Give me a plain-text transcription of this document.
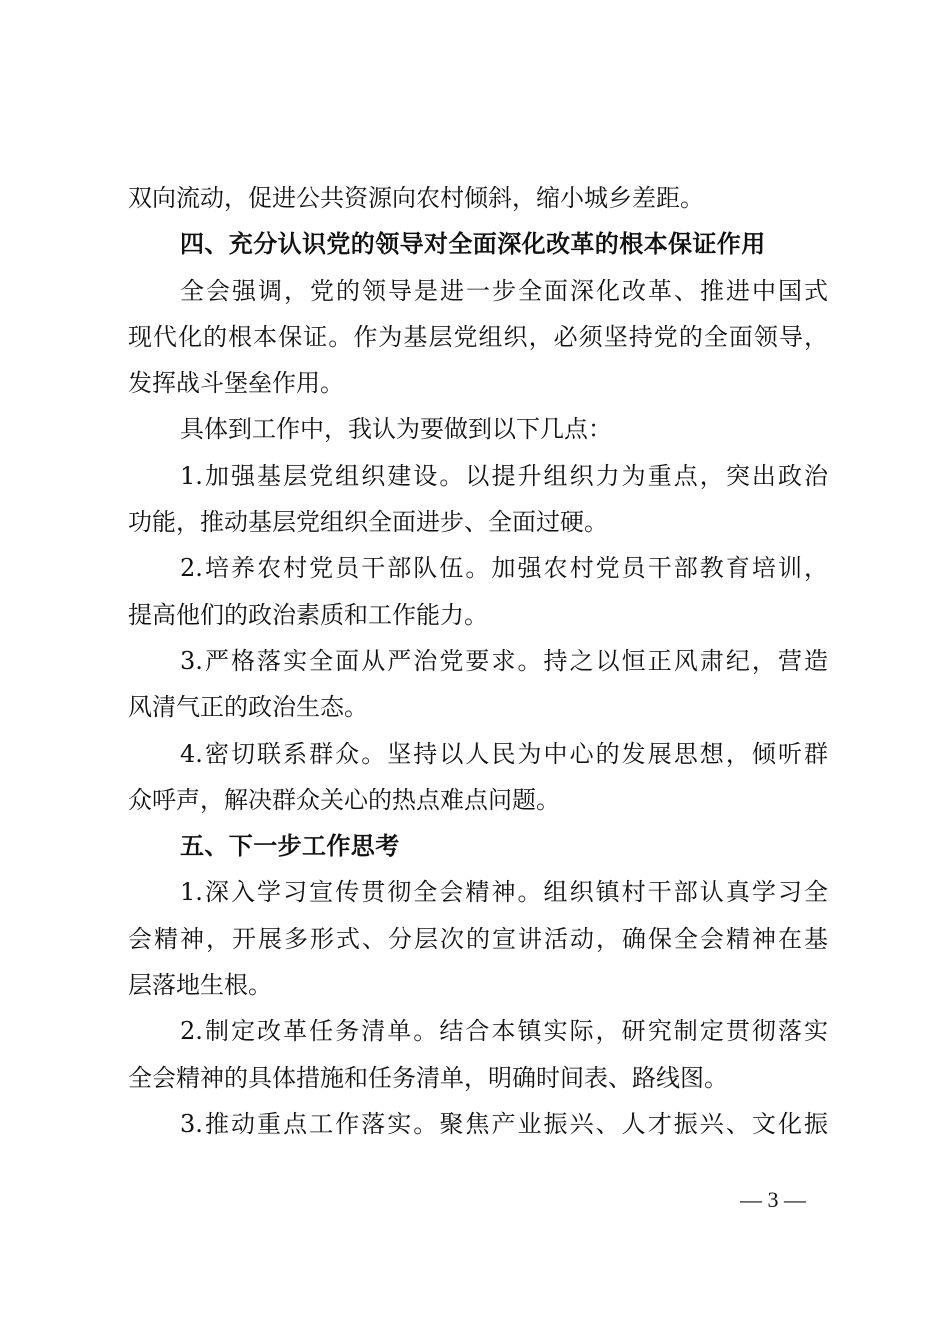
双向流动，促进公共资源向农村倾斜，缩小城乡差距。
四、充分认识党的领导对全面深化改革的根本保证作用
全会强调，党的领导是进一步全面深化改革、推进中国式
现代化的根本保证。作为基层党组织，必须坚持党的全面领导，
发挥战斗堡垒作用。
具体到工作中，我认为要做到以下几点：
1.加强基层党组织建设。以提升组织力为重点，突出政治
功能，推动基层党组织全面进步、全面过硬。
2.培养农村党员干部队伍。加强农村党员干部教育培训，
提高他们的政治素质和工作能力。
3.严格落实全面从严治党要求。持之以恒正风肃纪，营造
风清气正的政治生态。
4.密切联系群众。坚持以人民为中心的发展思想，倾听群
众呼声，解决群众关心的热点难点问题。
五、下一步工作思考
1.深入学习宣传贯彻全会精神。组织镇村干部认真学习全
会精神，开展多形式、分层次的宣讲活动，确保全会精神在基
层落地生根。
2.制定改革任务清单。结合本镇实际，研究制定贯彻落实
全会精神的具体措施和任务清单，明确时间表、路线图。
3.推动重点工作落实。聚焦产业振兴、人才振兴、文化振
— 3 —
